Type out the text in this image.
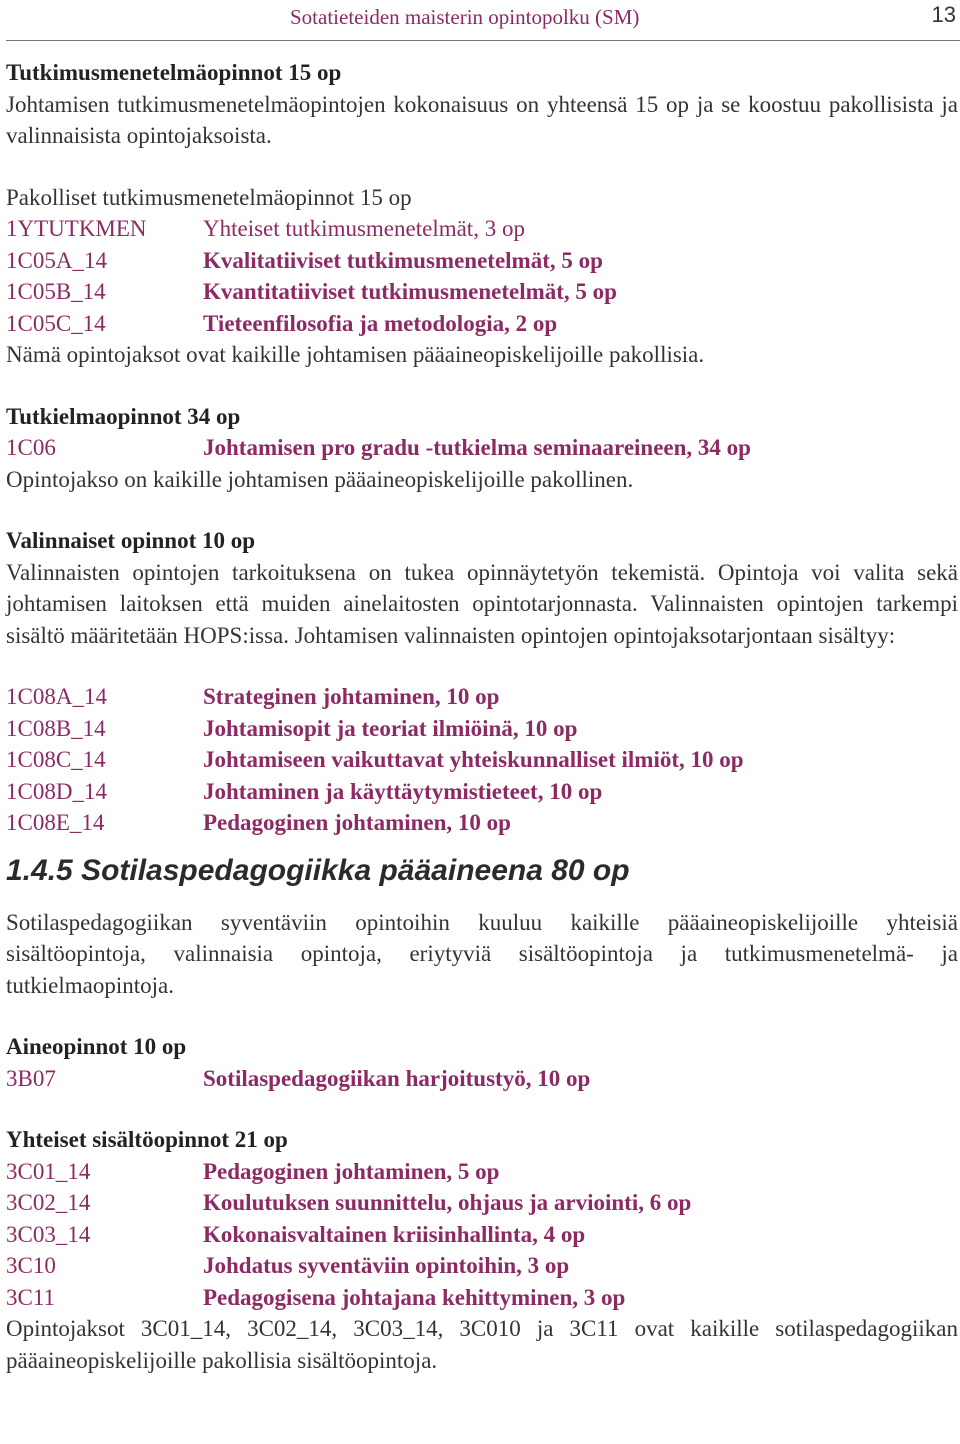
Sotatieteiden maisterin opintopolku (SM)	13
Tutkimusmenetelmäopinnot 15 op

Johtamisen tutkimusmenetelmäopintojen kokonaisuus on yhteensä 15 op ja se koostuu pakollisista ja valinnaisista opintojaksoista.

Pakolliset tutkimusmenetelmäopinnot 15 op
1YTUTKMEN	Yhteiset tutkimusmenetelmät, 3 op
1C05A_14	Kvalitatiiviset tutkimusmenetelmät, 5 op
1C05B_14	Kvantitatiiviset tutkimusmenetelmät, 5 op
1C05C_14	Tieteenfilosofia ja metodologia, 2 op

Nämä opintojaksot ovat kaikille johtamisen pääaineopiskelijoille pakollisia.

Tutkielmaopinnot 34 op
1C06	Johtamisen pro gradu -tutkielma seminaareineen, 34 op

Opintojakso on kaikille johtamisen pääaineopiskelijoille pakollinen.

Valinnaiset opinnot 10 op

Valinnaisten opintojen tarkoituksena on tukea opinnäytetyön tekemistä. Opintoja voi valita sekä johtamisen laitoksen että muiden ainelaitosten opintotarjonnasta. Valinnaisten opintojen tarkempi sisältö määritetään HOPS:issa. Johtamisen valinnaisten opintojen opintojaksotarjontaan sisältyy:

1C08A_14	Strateginen johtaminen, 10 op
1C08B_14	Johtamisopit ja teoriat ilmiöinä, 10 op
1C08C_14	Johtamiseen vaikuttavat yhteiskunnalliset ilmiöt, 10 op
1C08D_14	Johtaminen ja käyttäytymistieteet, 10 op
1C08E_14	Pedagoginen johtaminen, 10 op
1.4.5 Sotilaspedagogiikka pääaineena 80 op

Sotilaspedagogiikan syventäviin opintoihin kuuluu kaikille pääaineopiskelijoille yhteisiä sisältöopintoja, valinnaisia opintoja, eriytyviä sisältöopintoja ja tutkimusmenetelmä- ja tutkielmaopintoja.

Aineopinnot 10 op
3B07	Sotilaspedagogiikan harjoitustyö, 10 op
Yhteiset sisältöopinnot 21 op
3C01_14	Pedagoginen johtaminen, 5 op
3C02_14	Koulutuksen suunnittelu, ohjaus ja arviointi, 6 op
3C03_14	Kokonaisvaltainen kriisinhallinta, 4 op
3C10	Johdatus syventäviin opintoihin, 3 op
3C11	Pedagogisena johtajana kehittyminen, 3 op

Opintojaksot 3C01_14, 3C02_14, 3C03_14, 3C010 ja 3C11 ovat kaikille sotilaspedagogiikan pääaineopiskelijoille pakollisia sisältöopintoja.
